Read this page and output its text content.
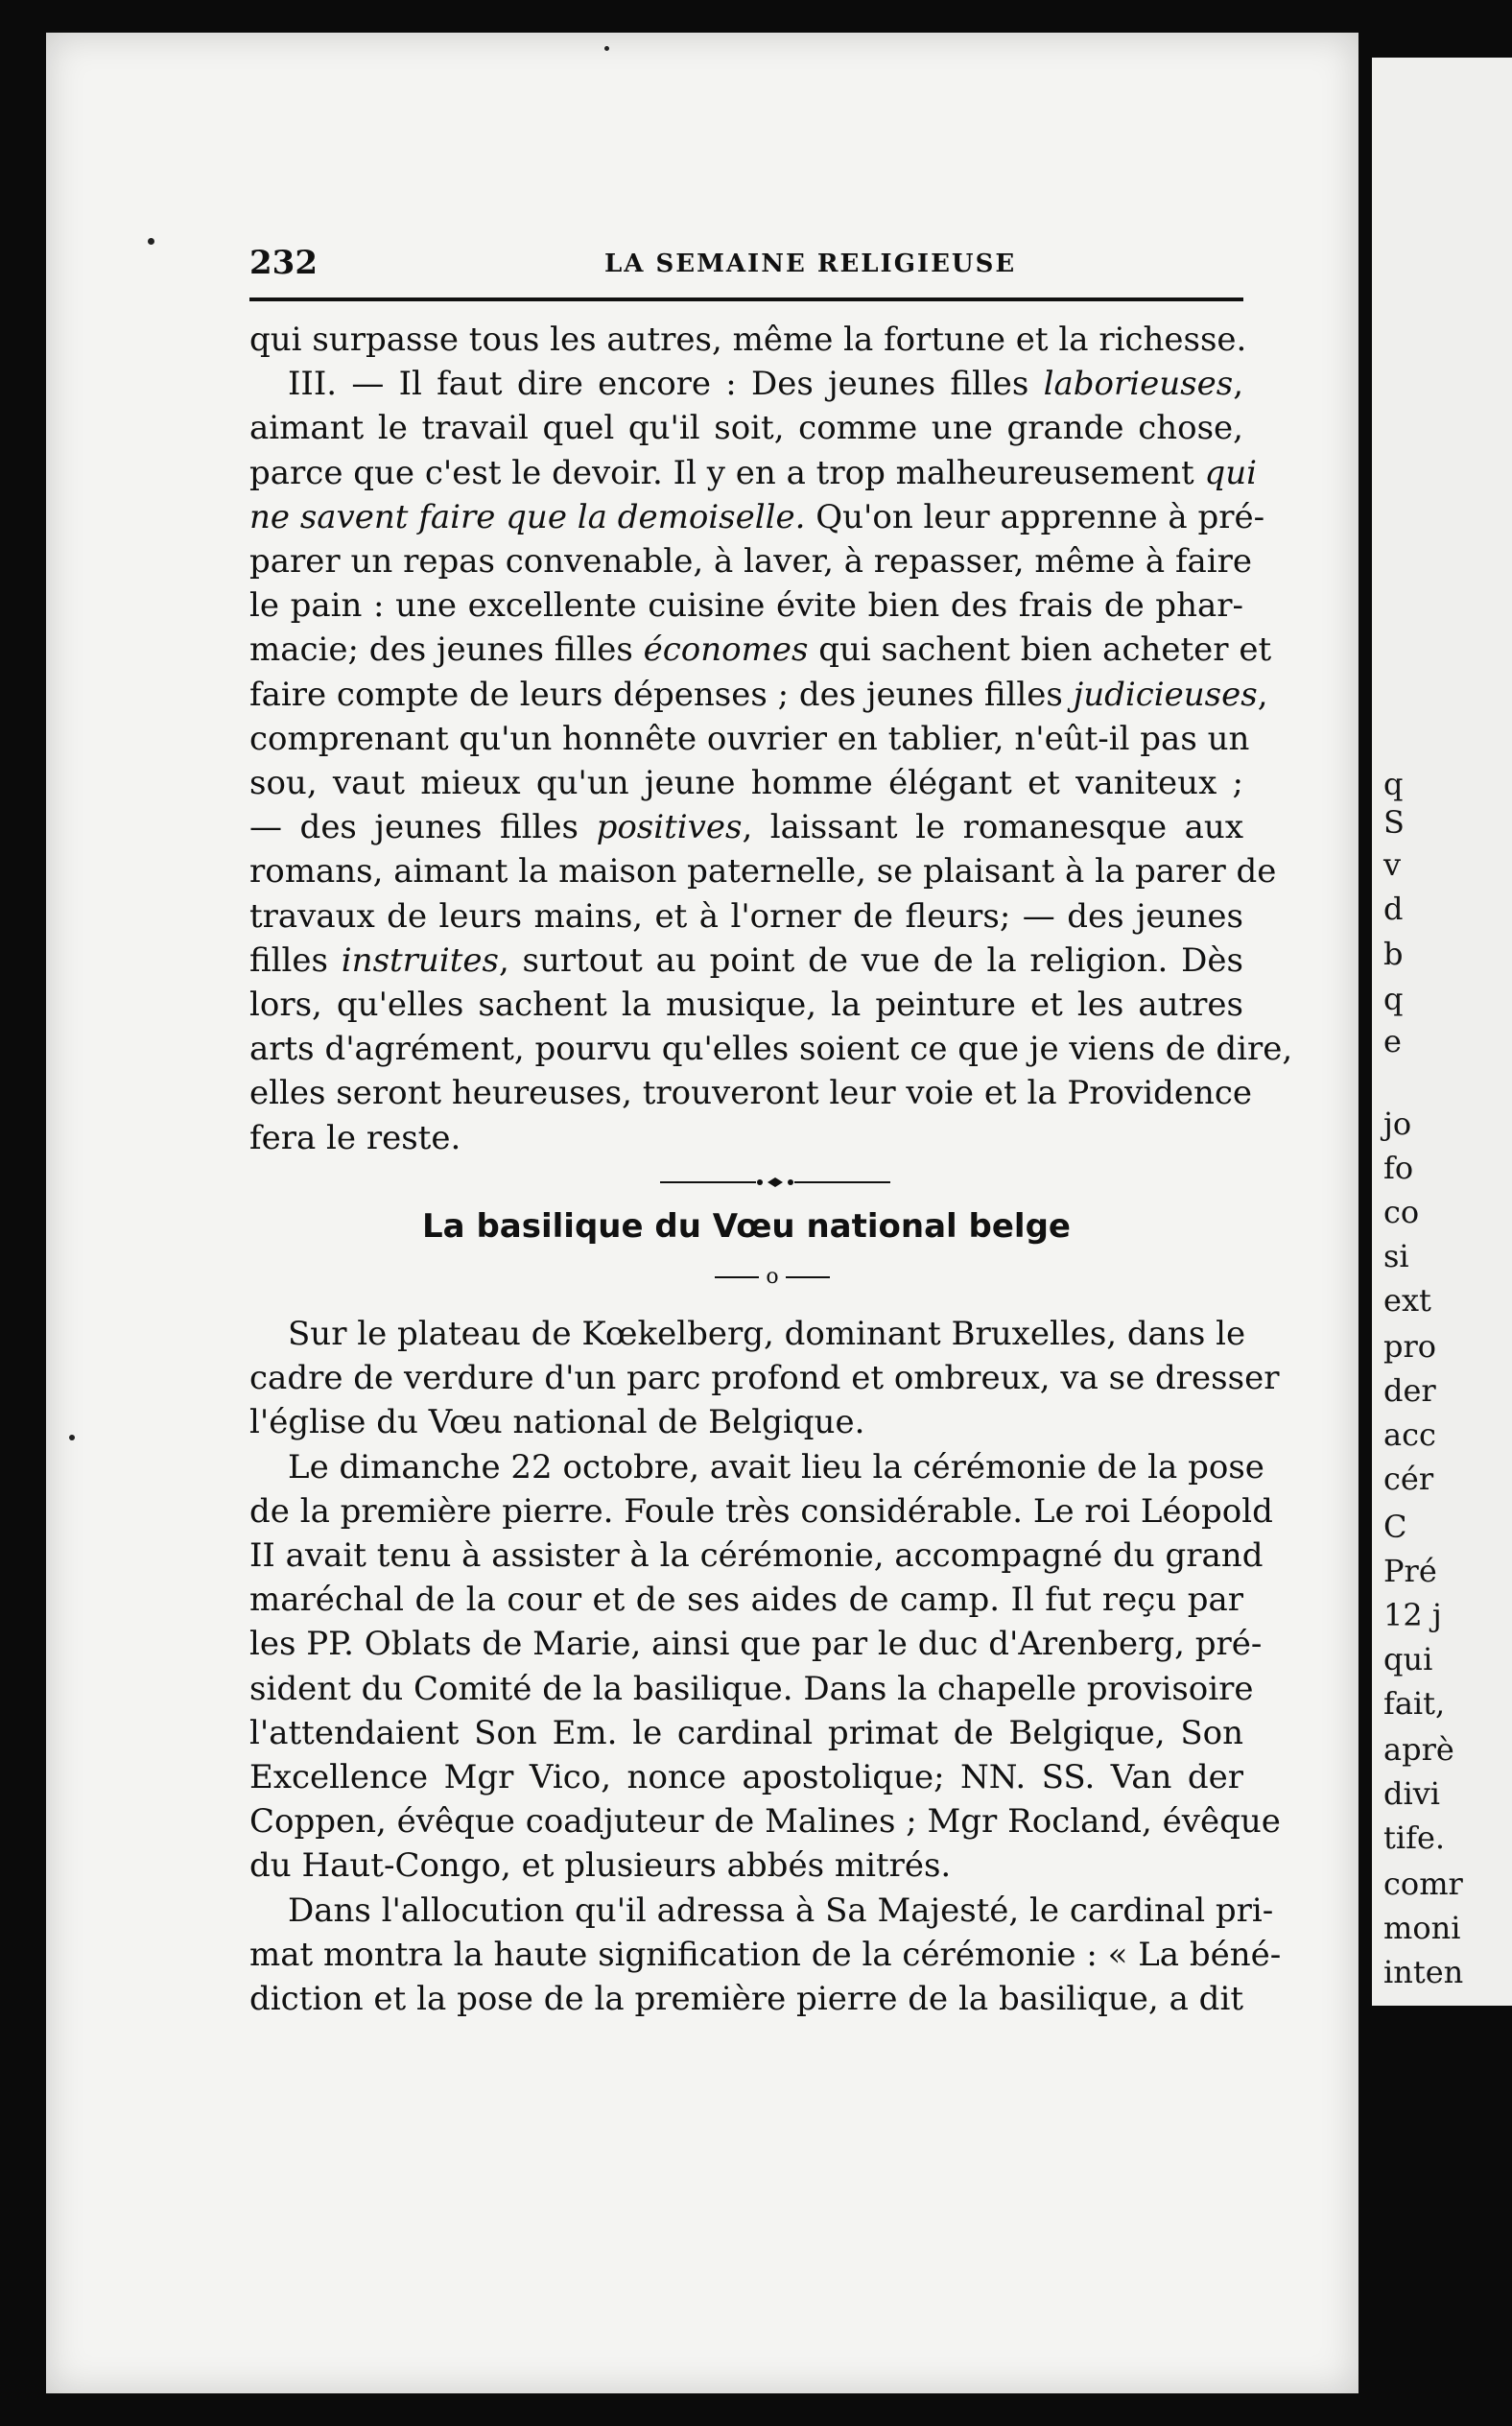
q
S
v
d
b
q
e
jo
fo
co
si
ext
pro
der
acc
cér
C
Pré
12 j
qui
fait,
aprè
divi
tife.
comr
moni
inten
232	LA SEMAINE RELIGIEUSE
La basilique du Vœu national belge
o
qui surpasse tous les autres, même la fortune et la richesse.
III. — Il faut dire encore : Des jeunes filles laborieuses,
aimant le travail quel qu'il soit, comme une grande chose,
parce que c'est le devoir. Il y en a trop malheureusement qui
ne savent faire que la demoiselle. Qu'on leur apprenne à pré-
parer un repas convenable, à laver, à repasser, même à faire
le pain : une excellente cuisine évite bien des frais de phar-
macie; des jeunes filles économes qui sachent bien acheter et
faire compte de leurs dépenses ; des jeunes filles judicieuses
comprenant qu'un honnête ouvrier en tablier, n'eût-il pas un
sou, vaut mieux qu'un jeune homme élégant et vaniteux ;
— des jeunes filles positives, laissant le romanesque aux
romans, aimant la maison paternelle, se plaisant à la parer de
travaux de leurs mains, et à l'orner de fleurs; — des jeunes
filles instruites, surtout au point de vue de la religion. Dès
lors, qu'elles sachent la musique, la peinture et les autres
arts d'agrément, pourvu qu'elles soient ce que je viens de dire,
elles seront heureuses, trouveront leur voie et la Providence
fera le reste.
Sur le plateau de Kœkelberg, dominant Bruxelles, dans le
cadre de verdure d'un parc profond et ombreux, va se dresser
l'église du Vœu national de Belgique.
Le dimanche 22 octobre, avait lieu la cérémonie de la pose
de la première pierre. Foule très considérable. Le roi Léopold
II avait tenu à assister à la cérémonie, accompagné du grand
maréchal de la cour et de ses aides de camp. Il fut reçu par
les PP. Oblats de Marie, ainsi que par le duc d'Arenberg, pré-
sident du Comité de la basilique. Dans la chapelle provisoire
l'attendaient Son Em. le cardinal primat de Belgique, Son
Excellence Mgr Vico, nonce apostolique; NN. SS. Van der
Coppen, évêque coadjuteur de Malines ; Mgr Rocland, évêque
du Haut-Congo, et plusieurs abbés mitrés.
Dans l'allocution qu'il adressa à Sa Majesté, le cardinal pri-
mat montra la haute signification de la cérémonie : « La béné-
diction et la pose de la première pierre de la basilique, a dit
